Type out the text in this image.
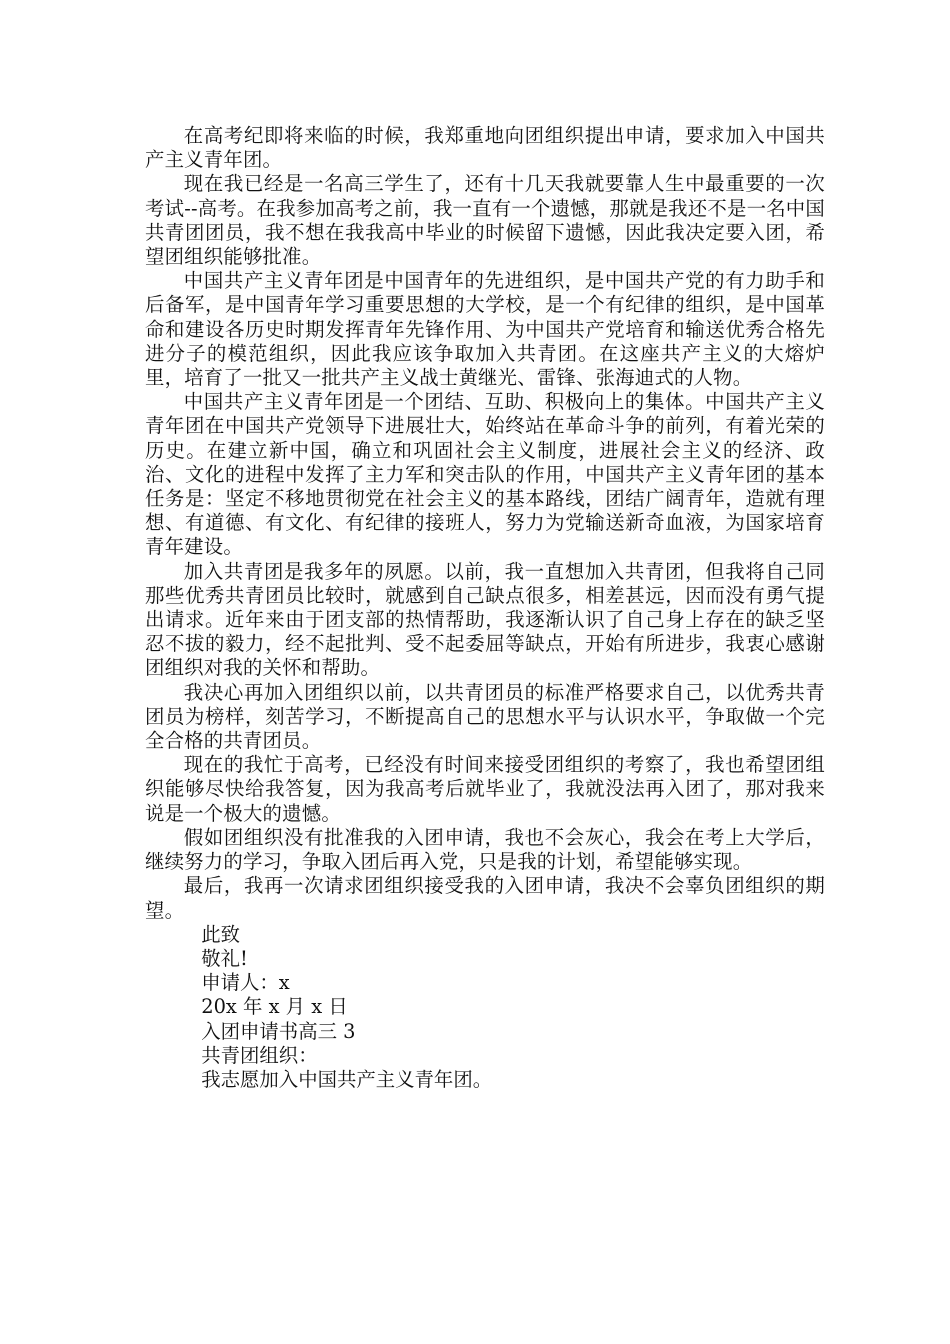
在高考纪即将来临的时候，我郑重地向团组织提出申请，要求加入中国共产主义青年团。

现在我已经是一名高三学生了，还有十几天我就要靠人生中最重要的一次考试--高考。在我参加高考之前，我一直有一个遗憾，那就是我还不是一名中国共青团团员，我不想在我我高中毕业的时候留下遗憾，因此我决定要入团，希望团组织能够批准。

中国共产主义青年团是中国青年的先进组织，是中国共产党的有力助手和后备军，是中国青年学习重要思想的大学校，是一个有纪律的组织，是中国革命和建设各历史时期发挥青年先锋作用、为中国共产党培育和输送优秀合格先进分子的模范组织，因此我应该争取加入共青团。在这座共产主义的大熔炉里，培育了一批又一批共产主义战士黄继光、雷锋、张海迪式的人物。

中国共产主义青年团是一个团结、互助、积极向上的集体。中国共产主义青年团在中国共产党领导下进展壮大，始终站在革命斗争的前列，有着光荣的历史。在建立新中国，确立和巩固社会主义制度，进展社会主义的经济、政治、文化的进程中发挥了主力军和突击队的作用，中国共产主义青年团的基本任务是：坚定不移地贯彻党在社会主义的基本路线，团结广阔青年，造就有理想、有道德、有文化、有纪律的接班人，努力为党输送新奇血液，为国家培育青年建设。

加入共青团是我多年的夙愿。以前，我一直想加入共青团，但我将自己同那些优秀共青团员比较时，就感到自己缺点很多，相差甚远，因而没有勇气提出请求。近年来由于团支部的热情帮助，我逐渐认识了自己身上存在的缺乏坚忍不拔的毅力，经不起批判、受不起委屈等缺点，开始有所进步，我衷心感谢团组织对我的关怀和帮助。

我决心再加入团组织以前，以共青团员的标准严格要求自己，以优秀共青团员为榜样，刻苦学习，不断提高自己的思想水平与认识水平，争取做一个完全合格的共青团员。

现在的我忙于高考，已经没有时间来接受团组织的考察了，我也希望团组织能够尽快给我答复，因为我高考后就毕业了，我就没法再入团了，那对我来说是一个极大的遗憾。

假如团组织没有批准我的入团申请，我也不会灰心，我会在考上大学后，继续努力的学习，争取入团后再入党，只是我的计划，希望能够实现。

最后，我再一次请求团组织接受我的入团申请，我决不会辜负团组织的期望。

此致

敬礼!

申请人：x

20x 年 x 月 x 日

入团申请书高三 3

共青团组织：

我志愿加入中国共产主义青年团。
